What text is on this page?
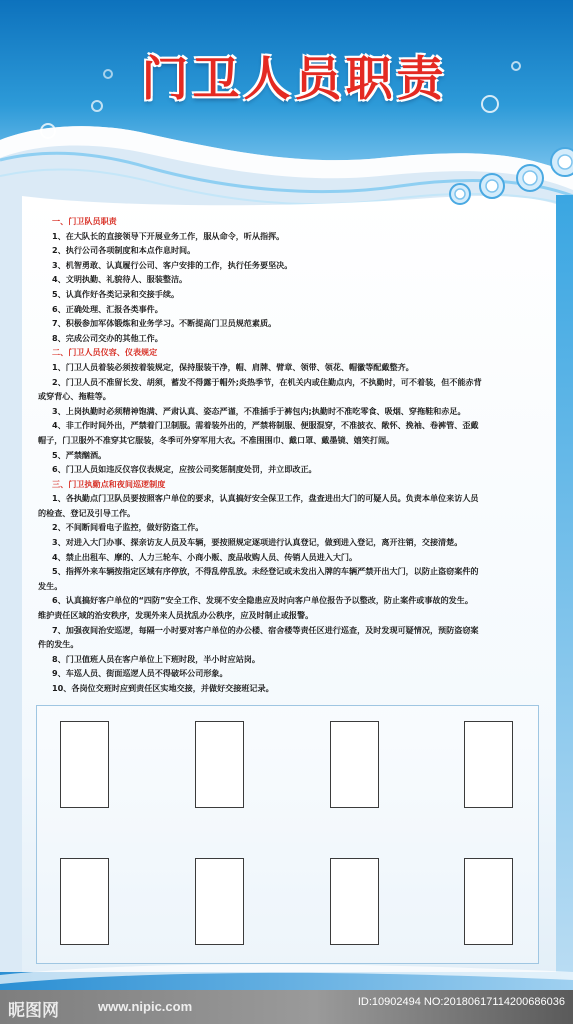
门卫人员职责
一、门卫队员职责
1、在大队长的直接领导下开展业务工作，服从命令，听从指挥。
2、执行公司各项制度和本点作息时间。
3、机智勇敢、认真履行公司、客户安排的工作，执行任务要坚决。
4、文明执勤、礼貌待人、服装整洁。
5、认真作好各类记录和交接手续。
6、正确处理、汇报各类事件。
7、积极参加军体锻炼和业务学习。不断提高门卫员规范素质。
8、完成公司交办的其他工作。
二、门卫人员仪容、仪表规定
1、门卫人员着装必须按着装规定，保持服装干净，帽、肩牌、臂章、领带、领花、帽徽等配戴整齐。
2、门卫人员不准留长发、胡须，蓄发不得露于帽外;炎热季节，在机关内或住勤点内，不执勤时，可不着装，但不能赤背
或穿背心、拖鞋等。
3、上岗执勤时必须精神饱满、严肃认真、姿态严谨，不准插手于裤包内;执勤时不准吃零食、吸烟、穿拖鞋和赤足。
4、非工作时间外出，严禁着门卫制服。需着装外出的，严禁将制服、便服混穿，不准披衣、敞怀、挽袖、卷裤管、歪戴
帽子，门卫服外不准穿其它服装，冬季可外穿军用大衣。不准围围巾、戴口罩、戴墨镜、嬉笑打闹。
5、严禁酗酒。
6、门卫人员如违反仪容仪表规定，应按公司奖惩制度处罚，并立即改正。
三、门卫执勤点和夜间巡逻制度
1、各执勤点门卫队员要按照客户单位的要求，认真搞好安全保卫工作，盘查进出大门的可疑人员。负责本单位来访人员
的检查、登记及引导工作。
2、不间断间看电子监控，做好防盗工作。
3、对进入大门办事、探亲访友人员及车辆，要按照规定逐项进行认真登记，做到进入登记，离开注销，交接清楚。
4、禁止出租车、摩的、人力三轮车、小商小贩、废品收购人员、传销人员进入大门。
5、指挥外来车辆按指定区域有序停放，不得乱停乱放。未经登记或未发出入牌的车辆严禁开出大门，以防止盗窃案件的
发生。
6、认真搞好客户单位的“四防”安全工作、发现不安全隐患应及时向客户单位报告予以整改，防止案件或事故的发生。
维护责任区域的治安秩序，发现外来人员扰乱办公秩序，应及时制止或报警。
7、加强夜间治安巡逻，每隔一小时要对客户单位的办公楼、宿舍楼等责任区进行巡查，及时发现可疑情况，预防盗窃案
件的发生。
8、门卫值班人员在客户单位上下班时段，半小时应站岗。
9、车巡人员、街面巡逻人员不得破坏公司形象。
10、各岗位交班时应到责任区实地交接，并做好交接班记录。
昵图网	www.nipic.com	ID:10902494 NO:20180617114200686036
